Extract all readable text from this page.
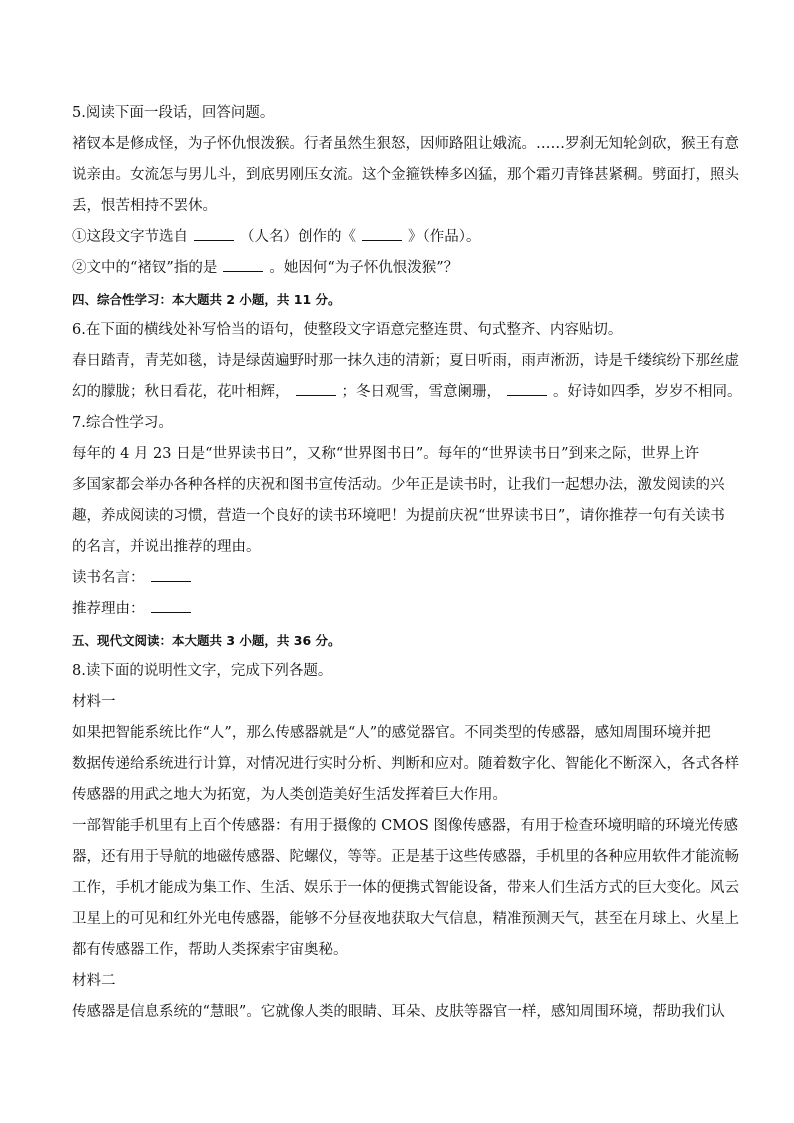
5.阅读下面一段话，回答问题。
褚钗本是修成怪，为子怀仇恨泼猴。行者虽然生狠怒，因师路阻让娥流。……罗刹无知轮剑砍，猴王有意
说亲由。女流怎与男儿斗，到底男刚压女流。这个金箍铁棒多凶猛，那个霜刃青锋甚紧稠。劈面打，照头
丢，恨苦相持不罢休。
①这段文字节选自	（人名）创作的《	》（作品）。
②文中的“褚钗”指的是	。她因何“为子怀仇恨泼猴”？
四、综合性学习：本大题共 2 小题，共 11 分。
6.在下面的横线处补写恰当的语句，使整段文字语意完整连贯、句式整齐、内容贴切。
春日踏青，青芜如毯，诗是绿茵遍野时那一抹久违的清新；夏日听雨，雨声淅沥，诗是千缕缤纷下那丝虚
幻的朦胧；秋日看花，花叶相辉，	；冬日观雪，雪意阑珊，	。好诗如四季，岁岁不相同。
7.综合性学习。
每年的 4 月 23 日是“世界读书日”，又称“世界图书日”。每年的“世界读书日”到来之际，世界上许
多国家都会举办各种各样的庆祝和图书宣传活动。少年正是读书时，让我们一起想办法，激发阅读的兴
趣，养成阅读的习惯，营造一个良好的读书环境吧！为提前庆祝“世界读书日”，请你推荐一句有关读书
的名言，并说出推荐的理由。
读书名言：
推荐理由：
五、现代文阅读：本大题共 3 小题，共 36 分。
8.读下面的说明性文字，完成下列各题。
材料一
如果把智能系统比作“人”，那么传感器就是“人”的感觉器官。不同类型的传感器，感知周围环境并把
数据传递给系统进行计算，对情况进行实时分析、判断和应对。随着数字化、智能化不断深入，各式各样
传感器的用武之地大为拓宽，为人类创造美好生活发挥着巨大作用。
一部智能手机里有上百个传感器：有用于摄像的 CMOS 图像传感器，有用于检查环境明暗的环境光传感
器，还有用于导航的地磁传感器、陀螺仪，等等。正是基于这些传感器，手机里的各种应用软件才能流畅
工作，手机才能成为集工作、生活、娱乐于一体的便携式智能设备，带来人们生活方式的巨大变化。风云
卫星上的可见和红外光电传感器，能够不分昼夜地获取大气信息，精准预测天气，甚至在月球上、火星上
都有传感器工作，帮助人类探索宇宙奥秘。
材料二
传感器是信息系统的“慧眼”。它就像人类的眼睛、耳朵、皮肤等器官一样，感知周围环境，帮助我们认
